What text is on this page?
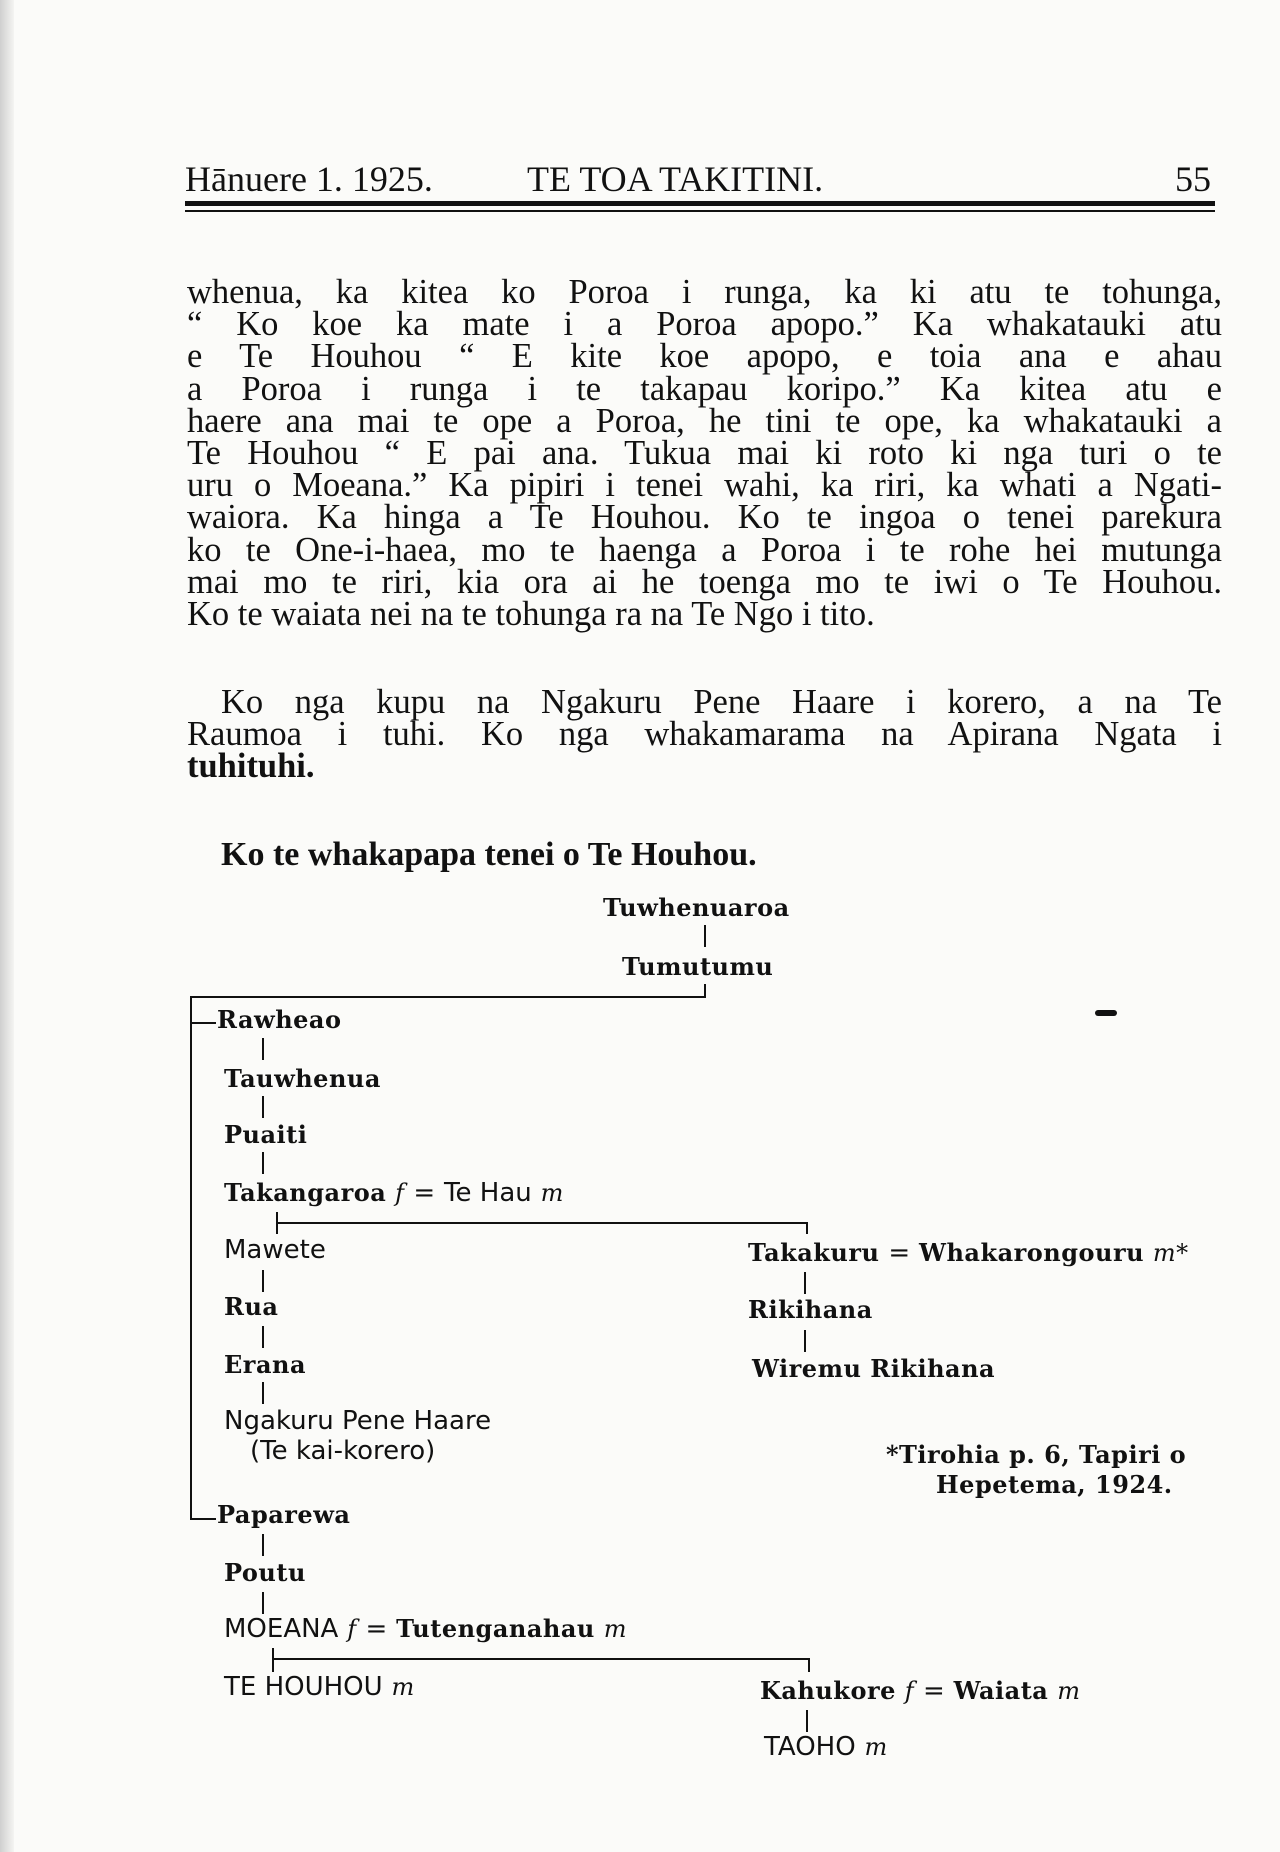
Hānuere 1. 1925.	TE TOA TAKITINI.	55
whenua, ka kitea ko Poroa i runga, ka ki atu te tohunga,
“ Ko koe ka mate i a Poroa apopo.” Ka whakatauki atu
e Te Houhou “ E kite koe apopo, e toia ana e ahau
a Poroa i runga i te takapau koripo.” Ka kitea atu e
haere ana mai te ope a Poroa, he tini te ope, ka whakatauki a
Te Houhou “ E pai ana. Tukua mai ki roto ki nga turi o te
uru o Moeana.” Ka pipiri i tenei wahi, ka riri, ka whati a Ngati-
waiora. Ka hinga a Te Houhou. Ko te ingoa o tenei parekura
ko te One-i-haea, mo te haenga a Poroa i te rohe hei mutunga
mai mo te riri, kia ora ai he toenga mo te iwi o Te Houhou.
Ko te waiata nei na te tohunga ra na Te Ngo i tito.
Ko nga kupu na Ngakuru Pene Haare i korero, a na Te
Raumoa i tuhi. Ko nga whakamarama na Apirana Ngata i
tuhituhi.
Ko te whakapapa tenei o Te Houhou.
Tuwhenuaroa
Tumutumu
Rawheao
Tauwhenua
Puaiti
Takangaroa f = Te Hau m
Mawete
Rua
Erana
Ngakuru Pene Haare
(Te kai-korero)
Takakuru = Whakarongouru m*
Rikihana
Wiremu Rikihana
*Tirohia p. 6, Tapiri o
Hepetema, 1924.
Paparewa
Poutu
MOEANA f = Tutenganahau m
TE HOUHOU m	Kahukore f = Waiata m
TAOHO m
